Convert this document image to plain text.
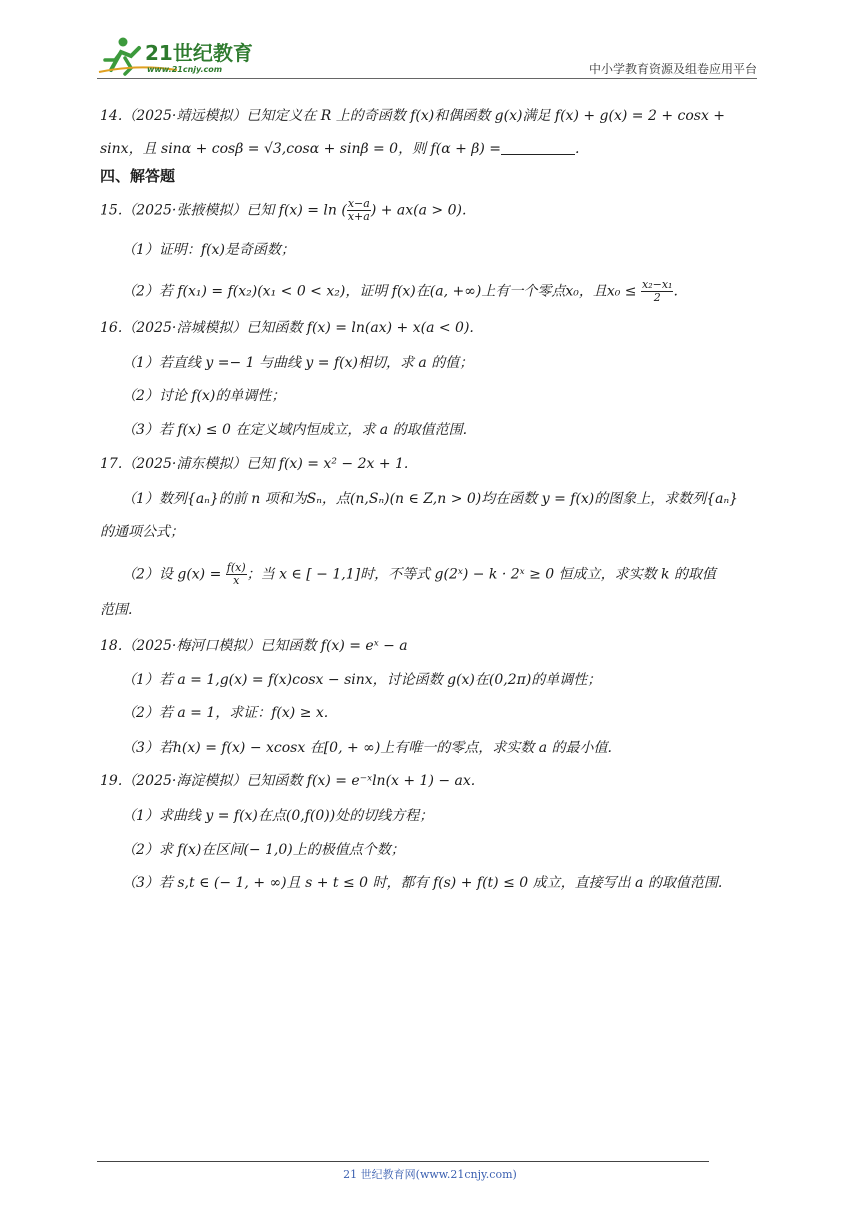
21世纪教育
www.21cnjy.com	中小学教育资源及组卷应用平台
14.（2025·靖远模拟）已知定义在 R 上的奇函数 f(x)和偶函数 g(x)满足 f(x) + g(x) = 2 + cosx +
sinx，且 sinα + cosβ = √3,cosα + sinβ = 0，则 f(α + β) =	.
四、解答题
15.（2025·张掖模拟）已知 f(x) = ln ( $\frac{x-a}{x+a}$ ) + ax(a > 0).
（1）证明：f(x)是奇函数；
（2）若 f(x₁) = f(x₂)(x₁ < 0 < x₂)，证明 f(x)在(a, +∞)上有一个零点x₀，且$x_0 \le \frac{\text{x₂−x₁}}{2}$ .
16.（2025·涪城模拟）已知函数 f(x) = ln(ax) + x(a < 0).
（1）若直线 y =− 1 与曲线 y = f(x)相切，求 a 的值；
（2）讨论 f(x)的单调性；
（3）若 f(x) ≤ 0 在定义域内恒成立，求 a 的取值范围.
17.（2025·浦东模拟）已知 f(x) = x² − 2x + 1.
（1）数列{aₙ}的前 n 项和为Sₙ，点(n,Sₙ)(n ∈ Z,n > 0)均在函数 y = f(x)的图象上，求数列{aₙ}
的通项公式；
（2）设 $g(x) = \frac{f(x)}{x}$ ；当 x ∈ [ − 1,1]时，不等式 g(2ˣ) − k · 2ˣ ≥ 0 恒成立，求实数 k 的取值
范围.
18.（2025·梅河口模拟）已知函数 f(x) = eˣ − a
（1）若 a = 1,g(x) = f(x)cosx − sinx，讨论函数 g(x)在(0,2π)的单调性；
（2）若 a = 1，求证：f(x) ≥ x.
（3）若h(x) = f(x) − xcosx 在[0, + ∞)上有唯一的零点，求实数 a 的最小值.
19.（2025·海淀模拟）已知函数 f(x) = e⁻ˣln(x + 1) − ax.
（1）求曲线 y = f(x)在点(0,f(0))处的切线方程；
（2）求 f(x)在区间(− 1,0)上的极值点个数；
（3）若 s,t ∈ (− 1, + ∞)且 s + t ≤ 0 时，都有 f(s) + f(t) ≤ 0 成立，直接写出 a 的取值范围.
21 世纪教育网(www.21cnjy.com)
